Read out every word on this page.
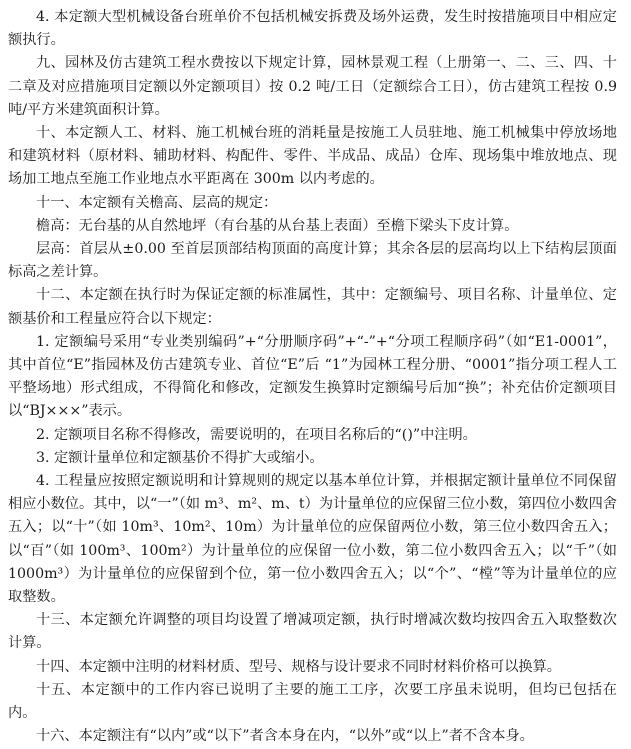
4. 本定额大型机械设备台班单价不包括机械安拆费及场外运费，发生时按措施项目中相应定额执行。

九、园林及仿古建筑工程水费按以下规定计算，园林景观工程（上册第一、二、三、四、十二章及对应措施项目定额以外定额项目）按 0.2 吨/工日（定额综合工日），仿古建筑工程按 0.9 吨/平方米建筑面积计算。

十、本定额人工、材料、施工机械台班的消耗量是按施工人员驻地、施工机械集中停放场地和建筑材料（原材料、辅助材料、构配件、零件、半成品、成品）仓库、现场集中堆放地点、现场加工地点至施工作业地点水平距离在 300m 以内考虑的。

十一、本定额有关檐高、层高的规定：

檐高：无台基的从自然地坪（有台基的从台基上表面）至檐下梁头下皮计算。

层高：首层从±0.00 至首层顶部结构顶面的高度计算；其余各层的层高均以上下结构层顶面标高之差计算。

十二、本定额在执行时为保证定额的标准属性，其中：定额编号、项目名称、计量单位、定额基价和工程量应符合以下规定：

1. 定额编号采用“专业类别编码”+“分册顺序码”+“-”+“分项工程顺序码”（如“E1-0001”，其中首位“E”指园林及仿古建筑专业、首位“E”后 “1”为园林工程分册、“0001”指分项工程人工平整场地）形式组成，不得简化和修改，定额发生换算时定额编号后加“换”；补充估价定额项目以“BJ×××”表示。

2. 定额项目名称不得修改，需要说明的，在项目名称后的“()”中注明。

3. 定额计量单位和定额基价不得扩大或缩小。

4. 工程量应按照定额说明和计算规则的规定以基本单位计算，并根据定额计量单位不同保留相应小数位。其中，以“一”（如 m³、m²、m、t）为计量单位的应保留三位小数，第四位小数四舍五入；以“十”（如 10m³、10m²、10m）为计量单位的应保留两位小数，第三位小数四舍五入；以“百”（如 100m³、100m²）为计量单位的应保留一位小数，第二位小数四舍五入；以“千”（如 1000m³）为计量单位的应保留到个位，第一位小数四舍五入；以“个”、“樘”等为计量单位的应取整数。

十三、本定额允许调整的项目均设置了增减项定额，执行时增减次数均按四舍五入取整数次计算。

十四、本定额中注明的材料材质、型号、规格与设计要求不同时材料价格可以换算。

十五、本定额中的工作内容已说明了主要的施工工序，次要工序虽未说明，但均已包括在内。

十六、本定额注有“以内”或“以下”者含本身在内，“以外”或“以上”者不含本身。
